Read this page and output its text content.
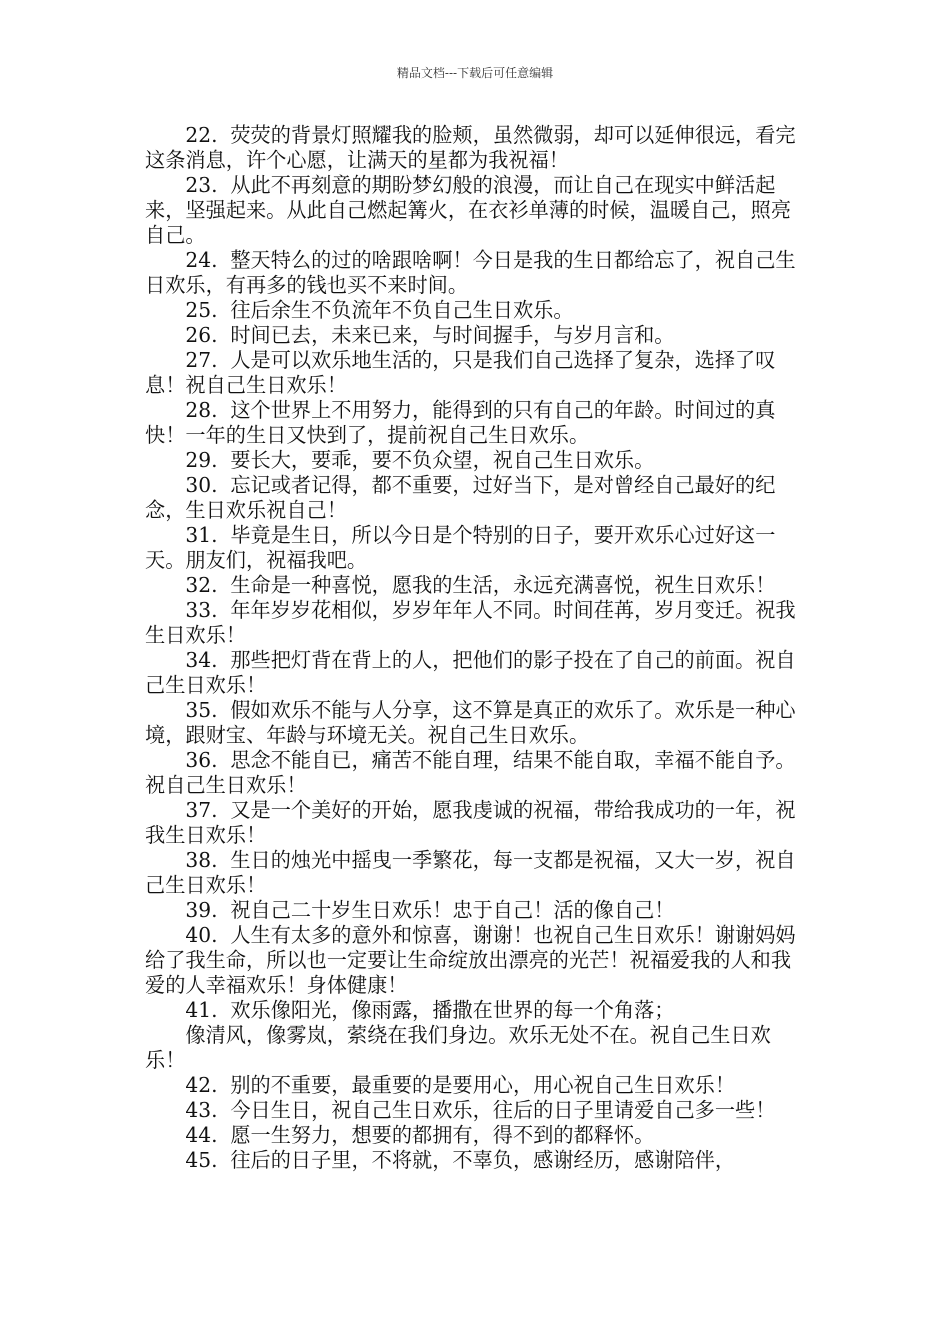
精品文档---下载后可任意编辑

22. 荧荧的背景灯照耀我的脸颊，虽然微弱，却可以延伸很远，看完这条消息，许个心愿，让满天的星都为我祝福！

23. 从此不再刻意的期盼梦幻般的浪漫，而让自己在现实中鲜活起来，坚强起来。从此自己燃起篝火，在衣衫单薄的时候，温暖自己，照亮自己。

24. 整天特么的过的啥跟啥啊！今日是我的生日都给忘了，祝自己生日欢乐，有再多的钱也买不来时间。

25. 往后余生不负流年不负自己生日欢乐。

26. 时间已去，未来已来，与时间握手，与岁月言和。

27. 人是可以欢乐地生活的，只是我们自己选择了复杂，选择了叹息！祝自己生日欢乐！

28. 这个世界上不用努力，能得到的只有自己的年龄。时间过的真快！一年的生日又快到了，提前祝自己生日欢乐。

29. 要长大，要乖，要不负众望，祝自己生日欢乐。

30. 忘记或者记得，都不重要，过好当下，是对曾经自己最好的纪念，生日欢乐祝自己！

31. 毕竟是生日，所以今日是个特别的日子，要开欢乐心过好这一天。朋友们，祝福我吧。

32. 生命是一种喜悦，愿我的生活，永远充满喜悦，祝生日欢乐！

33. 年年岁岁花相似，岁岁年年人不同。时间荏苒，岁月变迁。祝我生日欢乐！

34. 那些把灯背在背上的人，把他们的影子投在了自己的前面。祝自己生日欢乐！

35. 假如欢乐不能与人分享，这不算是真正的欢乐了。欢乐是一种心境，跟财宝、年龄与环境无关。祝自己生日欢乐。

36. 思念不能自已，痛苦不能自理，结果不能自取，幸福不能自予。祝自己生日欢乐！

37. 又是一个美好的开始，愿我虔诚的祝福，带给我成功的一年，祝我生日欢乐！

38. 生日的烛光中摇曳一季繁花，每一支都是祝福，又大一岁，祝自己生日欢乐！

39. 祝自己二十岁生日欢乐！忠于自己！活的像自己！

40. 人生有太多的意外和惊喜，谢谢！也祝自己生日欢乐！谢谢妈妈给了我生命，所以也一定要让生命绽放出漂亮的光芒！祝福爱我的人和我爱的人幸福欢乐！身体健康！

41. 欢乐像阳光，像雨露，播撒在世界的每一个角落；

像清风，像雾岚，萦绕在我们身边。欢乐无处不在。祝自己生日欢乐！

42. 别的不重要，最重要的是要用心，用心祝自己生日欢乐！

43. 今日生日，祝自己生日欢乐，往后的日子里请爱自己多一些！

44. 愿一生努力，想要的都拥有，得不到的都释怀。

45. 往后的日子里，不将就，不辜负，感谢经历，感谢陪伴，
